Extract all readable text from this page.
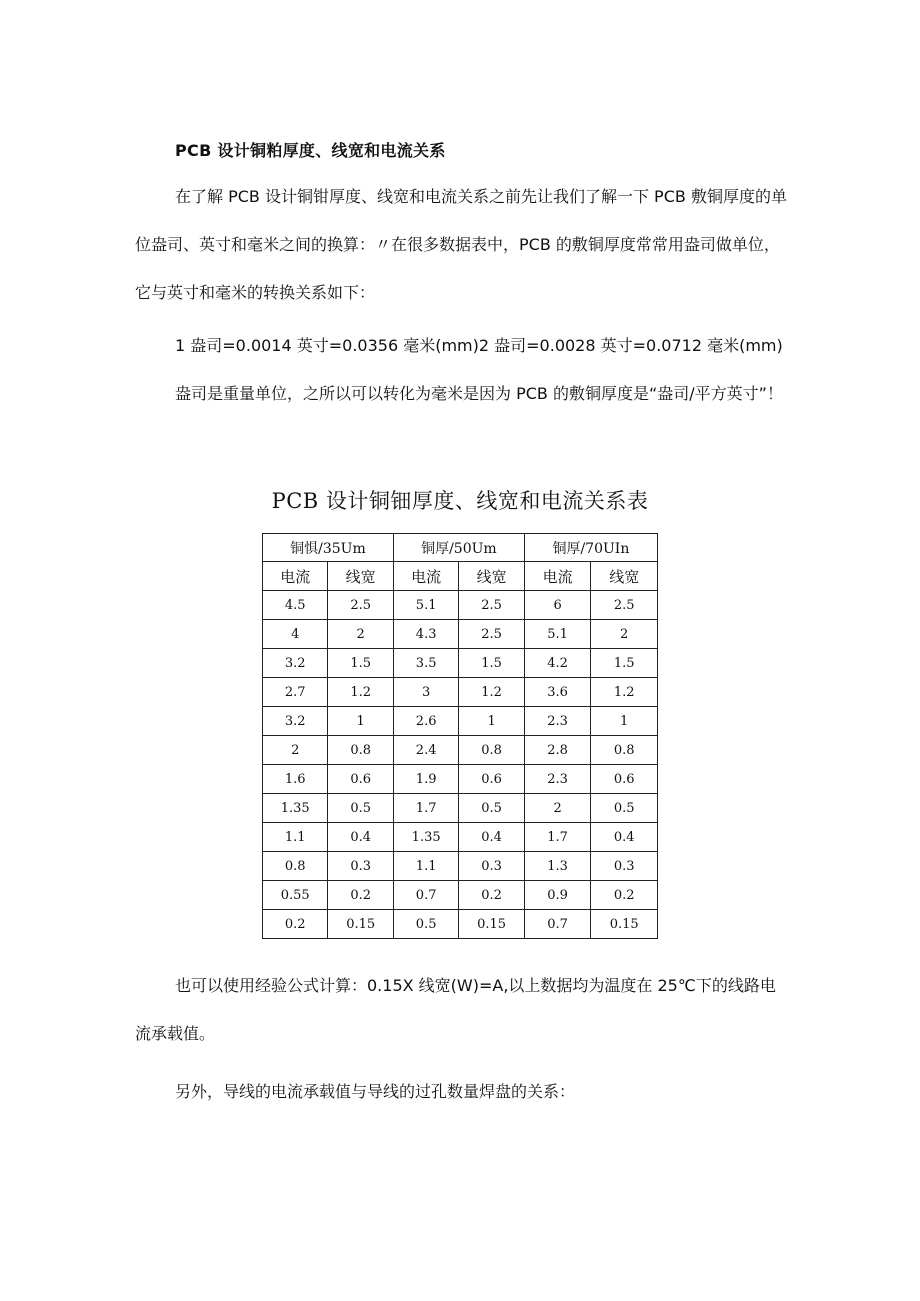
PCB 设计铜粕厚度、线宽和电流关系

在了解 PCB 设计铜钳厚度、线宽和电流关系之前先让我们了解一下 PCB 敷铜厚度的单位盎司、英寸和毫米之间的换算：〃在很多数据表中，PCB 的敷铜厚度常常用盎司做单位，它与英寸和毫米的转换关系如下：

1 盎司=0.0014 英寸=0.0356 毫米(mm)2 盎司=0.0028 英寸=0.0712 毫米(mm)

盎司是重量单位，之所以可以转化为毫米是因为 PCB 的敷铜厚度是“盎司/平方英寸”！

PCB 设计铜钿厚度、线宽和电流关系表
铜惧/35Um		铜厚/50Um		铜厚/70UIn	
电流	线宽	电流	线宽	电流	线宽
4.5	2.5	5.1	2.5	6	2.5
4	2	4.3	2.5	5.1	2
3.2	1.5	3.5	1.5	4.2	1.5
2.7	1.2	3	1.2	3.6	1.2
3.2	1	2.6	1	2.3	1
2	0.8	2.4	0.8	2.8	0.8
1.6	0.6	1.9	0.6	2.3	0.6
1.35	0.5	1.7	0.5	2	0.5
1.1	0.4	1.35	0.4	1.7	0.4
0.8	0.3	1.1	0.3	1.3	0.3
0.55	0.2	0.7	0.2	0.9	0.2
0.2	0.15	0.5	0.15	0.7	0.15

也可以使用经验公式计算：0.15X 线宽(W)=A,以上数据均为温度在 25℃下的线路电流承载值。

另外，导线的电流承载值与导线的过孔数量焊盘的关系：
